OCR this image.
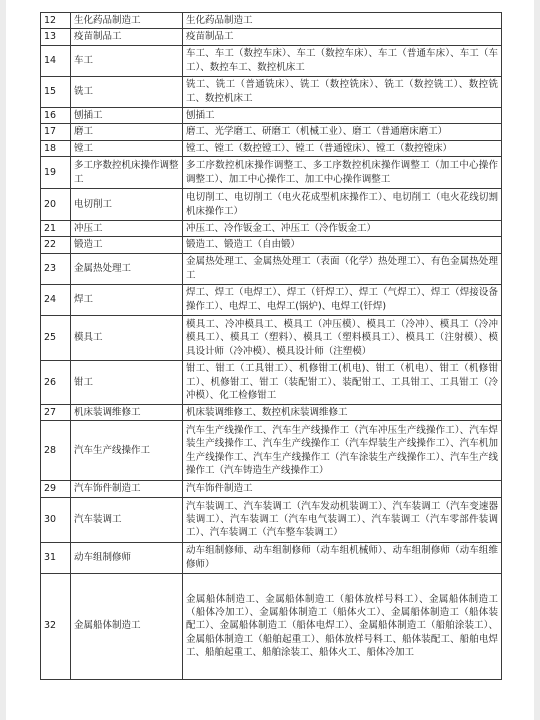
12	生化药品制造工	生化药品制造工
13	疫苗制品工	疫苗制品工
14	车工	车工、车工（数控车床）、车工（数控车床）、车工（普通车床）、车工（车工）、数控车工、数控机床工
15	铣工	铣工、铣工（普通铣床）、铣工（数控铣床）、铣工（数控铣工）、数控铣工、数控机床工
16	刨插工	刨插工
17	磨工	磨工、光学磨工、研磨工（机械工业）、磨工（普通磨床磨工）
18	镗工	镗工、镗工（数控镗工）、镗工（普通镗床）、镗工（数控镗床）
19	多工序数控机床操作调整工	多工序数控机床操作调整工、多工序数控机床操作调整工（加工中心操作调整工）、加工中心操作工、加工中心操作调整工
20	电切削工	电切削工、电切削工（电火花成型机床操作工）、电切削工（电火花线切割机床操作工）
21	冲压工	冲压工、冷作钣金工、冲压工（冷作钣金工）
22	锻造工	锻造工、锻造工（自由锻）
23	金属热处理工	金属热处理工、金属热处理工（表面（化学）热处理工）、有色金属热处理工
24	焊工	焊工、焊工（电焊工）、焊工（钎焊工）、焊工（气焊工）、焊工（焊接设备操作工）、电焊工、电焊工(锅炉)、电焊工(钎焊)
25	模具工	模具工、冷冲模具工、模具工（冲压模）、模具工（冷冲）、模具工（冷冲模具工）、模具工（塑料）、模具工（塑料模具工）、模具工（注射模）、模具设计师（冷冲模）、模具设计师（注塑模）
26	钳工	钳工、钳工（工具钳工）、机修钳工(机电)、钳工（机电）、钳工（机修钳工）、机修钳工、钳工（装配钳工）、装配钳工、工具钳工、工具钳工（冷冲模）、化工检修钳工
27	机床装调维修工	机床装调维修工、数控机床装调维修工
28	汽车生产线操作工	汽车生产线操作工、汽车生产线操作工（汽车冲压生产线操作工）、汽车焊装生产线操作工、汽车生产线操作工（汽车焊装生产线操作工）、汽车机加生产线操作工、汽车生产线操作工（汽车涂装生产线操作工）、汽车生产线操作工（汽车铸造生产线操作工）
29	汽车饰件制造工	汽车饰件制造工
30	汽车装调工	汽车装调工、汽车装调工（汽车发动机装调工）、汽车装调工（汽车变速器装调工）、汽车装调工（汽车电气装调工）、汽车装调工（汽车零部件装调工）、汽车装调工（汽车整车装调工）
31	动车组制修师	动车组制修师、动车组制修师（动车组机械师）、动车组制修师（动车组维修师）
32	金属船体制造工	金属船体制造工、金属船体制造工（船体放样号料工）、金属船体制造工（船体冷加工）、金属船体制造工（船体火工）、金属船体制造工（船体装配工）、金属船体制造工（船体电焊工）、金属船体制造工（船舶涂装工）、金属船体制造工（船舶起重工）、船体放样号料工、船体装配工、船舶电焊工、船舶起重工、船舶涂装工、船体火工、船体冷加工
